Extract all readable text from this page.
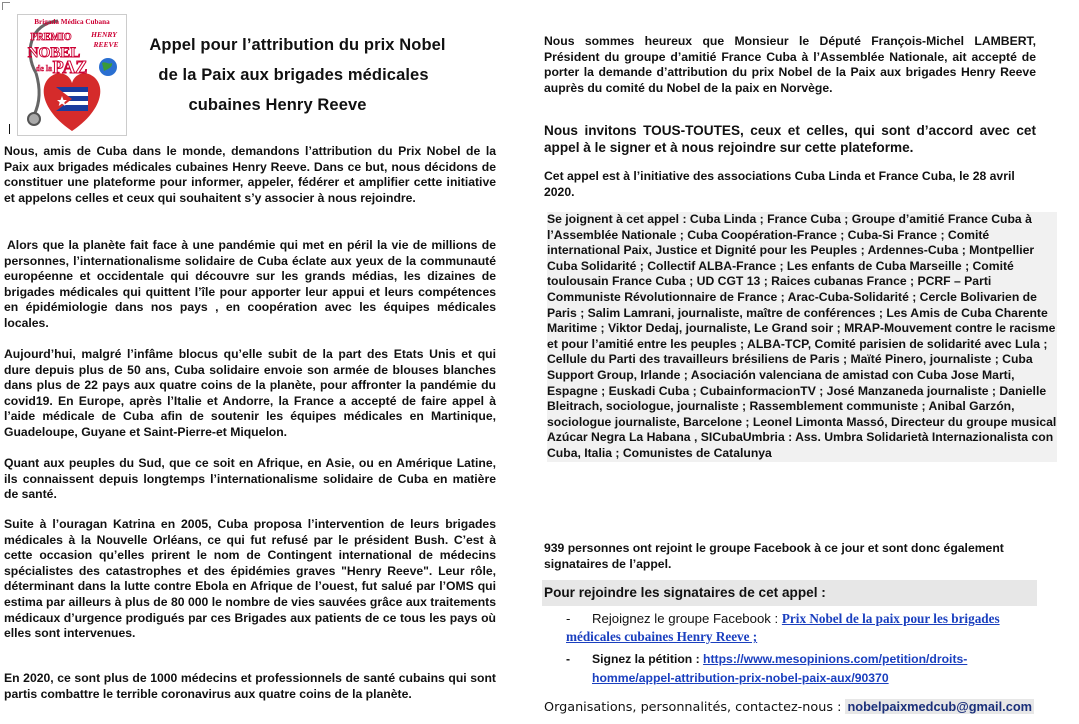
Brigada Médica Cubana
PREMIO
NOBEL
de la PAZ
HENRY
REEVE	Appel pour l’attribution du prix Nobel
de la Paix aux brigades médicales
cubaines Henry Reeve

Nous, amis de Cuba dans le monde, demandons l’attribution du Prix Nobel de la Paix aux brigades médicales cubaines Henry Reeve. Dans ce but, nous décidons de constituer une plateforme pour informer, appeler, fédérer et amplifier cette initiative et appelons celles et ceux qui souhaitent s’y associer à nous rejoindre.

Alors que la planète fait face à une pandémie qui met en péril la vie de millions de personnes, l’internationalisme solidaire de Cuba éclate aux yeux de la communauté européenne et occidentale qui découvre sur les grands médias, les dizaines de brigades médicales qui quittent l’île pour apporter leur appui et leurs compétences en épidémiologie dans nos pays , en coopération avec les équipes médicales locales.

Aujourd’hui, malgré l’infâme blocus qu’elle subit de la part des Etats Unis et qui dure depuis plus de 50 ans, Cuba solidaire envoie son armée de blouses blanches dans plus de 22 pays aux quatre coins de la planète, pour affronter la pandémie du covid19. En Europe, après l’Italie et Andorre, la France a accepté de faire appel à l’aide médicale de Cuba afin de soutenir les équipes médicales en Martinique, Guadeloupe, Guyane et Saint-Pierre-et Miquelon.

Quant aux peuples du Sud, que ce soit en Afrique, en Asie, ou en Amérique Latine, ils connaissent depuis longtemps l’internationalisme solidaire de Cuba en matière de santé.

Suite à l’ouragan Katrina en 2005, Cuba proposa l’intervention de leurs brigades médicales à la Nouvelle Orléans, ce qui fut refusé par le président Bush. C’est à cette occasion qu’elles prirent le nom de Contingent international de médecins spécialistes des catastrophes et des épidémies graves "Henry Reeve". Leur rôle, déterminant dans la lutte contre Ebola en Afrique de l’ouest, fut salué par l’OMS qui estima par ailleurs à plus de 80 000 le nombre de vies sauvées grâce aux traitements médicaux d’urgence prodigués par ces Brigades aux patients de ce tous les pays où elles sont intervenues.

En 2020, ce sont plus de 1000 médecins et professionnels de santé cubains qui sont partis combattre le terrible coronavirus aux quatre coins de la planète.

Nous sommes heureux que Monsieur le Député François-Michel LAMBERT, Président du groupe d’amitié France Cuba à l’Assemblée Nationale, ait accepté de porter la demande d’attribution du prix Nobel de la Paix aux brigades Henry Reeve auprès du comité du Nobel de la paix en Norvège.

Nous invitons TOUS-TOUTES, ceux et celles, qui sont d’accord avec cet appel à le signer et à nous rejoindre sur cette plateforme.

Cet appel est à l’initiative des associations Cuba Linda et France Cuba, le 28 avril 2020.

Se joignent à cet appel : Cuba Linda ; France Cuba ; Groupe d’amitié France Cuba à l’Assemblée Nationale ; Cuba Coopération-France ; Cuba-Si France ; Comité international Paix, Justice et Dignité pour les Peuples ; Ardennes-Cuba ; Montpellier Cuba Solidarité ; Collectif ALBA-France ; Les enfants de Cuba Marseille ; Comité toulousain France Cuba ; UD CGT 13 ; Raices cubanas France ; PCRF – Parti Communiste Révolutionnaire de France ; Arac-Cuba-Solidarité ; Cercle Bolivarien de Paris ; Salim Lamrani, journaliste, maître de conférences ; Les Amis de Cuba Charente Maritime ; Viktor Dedaj, journaliste, Le Grand soir ; MRAP-Mouvement contre le racisme et pour l’amitié entre les peuples ; ALBA-TCP, Comité parisien de solidarité avec Lula ; Cellule du Parti des travailleurs brésiliens de Paris ; Maïté Pinero, journaliste ; Cuba Support Group, Irlande ; Asociación valenciana de amistad con Cuba Jose Marti, Espagne ; Euskadi Cuba ; CubainformacionTV ; José Manzaneda journaliste ; Danielle Bleitrach, sociologue, journaliste ; Rassemblement communiste ; Anibal Garzón, sociologue journaliste, Barcelone ; Leonel Limonta Massó, Directeur du groupe musical Azúcar Negra La Habana , SICubaUmbria : Ass. Umbra Solidarietà Internazionalista con Cuba, Italia ; Comunistes de Catalunya

939 personnes ont rejoint le groupe Facebook à ce jour et sont donc également signataires de l’appel.

Pour rejoindre les signataires de cet appel :

- Rejoignez le groupe Facebook : Prix Nobel de la paix pour les brigades médicales cubaines Henry Reeve ;

- Signez la pétition : https://www.mesopinions.com/petition/droits-
homme/appel-attribution-prix-nobel-paix-aux/90370

Organisations, personnalités, contactez-nous : nobelpaixmedcub@gmail.com
